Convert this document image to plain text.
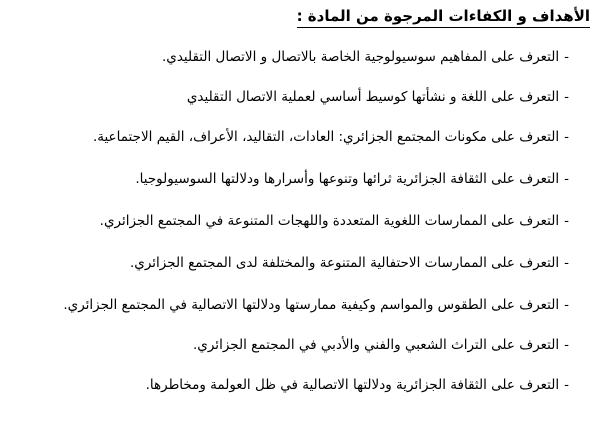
الأهداف و الكفاءات المرجوة من المادة :
-التعرف على المفاهيم سوسيولوجية الخاصة بالاتصال و الاتصال التقليدي.
-التعرف على اللغة و نشأتها كوسيط أساسي لعملية الاتصال التقليدي
-التعرف على مكونات المجتمع الجزائري: العادات، التقاليد، الأعراف، القيم الاجتماعية.
-التعرف على الثقافة الجزائرية ثرائها وتنوعها وأسرارها ودلالتها السوسيولوجيا.
-التعرف على الممارسات اللغوية المتعددة واللهجات المتنوعة في المجتمع الجزائري.
-التعرف على الممارسات الاحتفالية المتنوعة والمختلفة لدى المجتمع الجزائري.
-التعرف على الطقوس والمواسم وكيفية ممارستها ودلالتها الاتصالية في المجتمع الجزائري.
-التعرف على التراث الشعبي والفني والأدبي في المجتمع الجزائري.
-التعرف على الثقافة الجزائرية ودلالتها الاتصالية في ظل العولمة ومخاطرها.
